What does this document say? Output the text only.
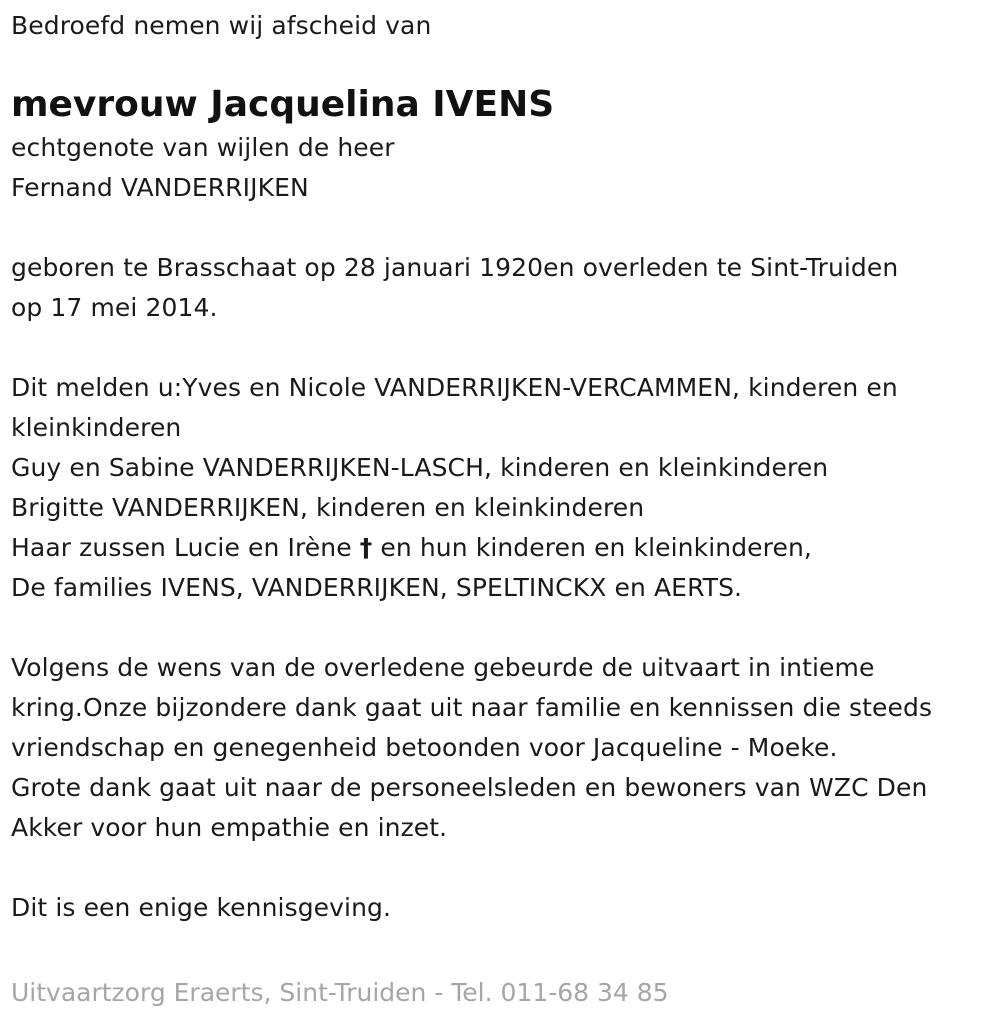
Bedroefd nemen wij afscheid van

mevrouw Jacquelina IVENS

echtgenote van wijlen de heer

Fernand VANDERRIJKEN

geboren te Brasschaat op 28 januari 1920en overleden te Sint-Truiden

op 17 mei 2014.

Dit melden u:Yves en Nicole VANDERRIJKEN-VERCAMMEN, kinderen en

kleinkinderen

Guy en Sabine VANDERRIJKEN-LASCH, kinderen en kleinkinderen

Brigitte VANDERRIJKEN, kinderen en kleinkinderen

Haar zussen Lucie en Irène † en hun kinderen en kleinkinderen,

De families IVENS, VANDERRIJKEN, SPELTINCKX en AERTS.

Volgens de wens van de overledene gebeurde de uitvaart in intieme

kring.Onze bijzondere dank gaat uit naar familie en kennissen die steeds

vriendschap en genegenheid betoonden voor Jacqueline - Moeke.

Grote dank gaat uit naar de personeelsleden en bewoners van WZC Den

Akker voor hun empathie en inzet.

Dit is een enige kennisgeving.

Uitvaartzorg Eraerts, Sint-Truiden - Tel. 011-68 34 85
